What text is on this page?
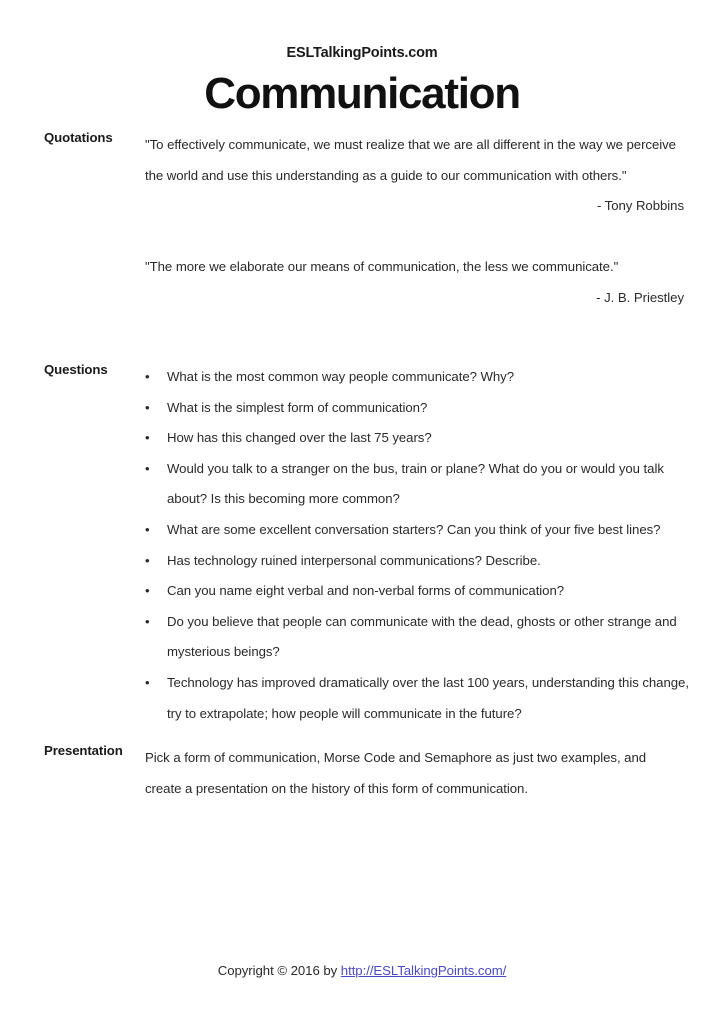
ESLTalkingPoints.com
Communication
Quotations	"To effectively communicate, we must realize that we are all different in the way we perceive the world and use this understanding as a guide to our communication with others."
- Tony Robbins
"The more we elaborate our means of communication, the less we communicate."
- J. B. Priestley
Questions	• What is the most common way people communicate? Why?
• What is the simplest form of communication?
• How has this changed over the last 75 years?
• Would you talk to a stranger on the bus, train or plane? What do you or would you talk about? Is this becoming more common?
• What are some excellent conversation starters? Can you think of your five best lines?
• Has technology ruined interpersonal communications? Describe.
• Can you name eight verbal and non-verbal forms of communication?
• Do you believe that people can communicate with the dead, ghosts or other strange and mysterious beings?
• Technology has improved dramatically over the last 100 years, understanding this change, try to extrapolate; how people will communicate in the future?
Presentation	Pick a form of communication, Morse Code and Semaphore as just two examples, and create a presentation on the history of this form of communication.
Copyright © 2016 by http://ESLTalkingPoints.com/
